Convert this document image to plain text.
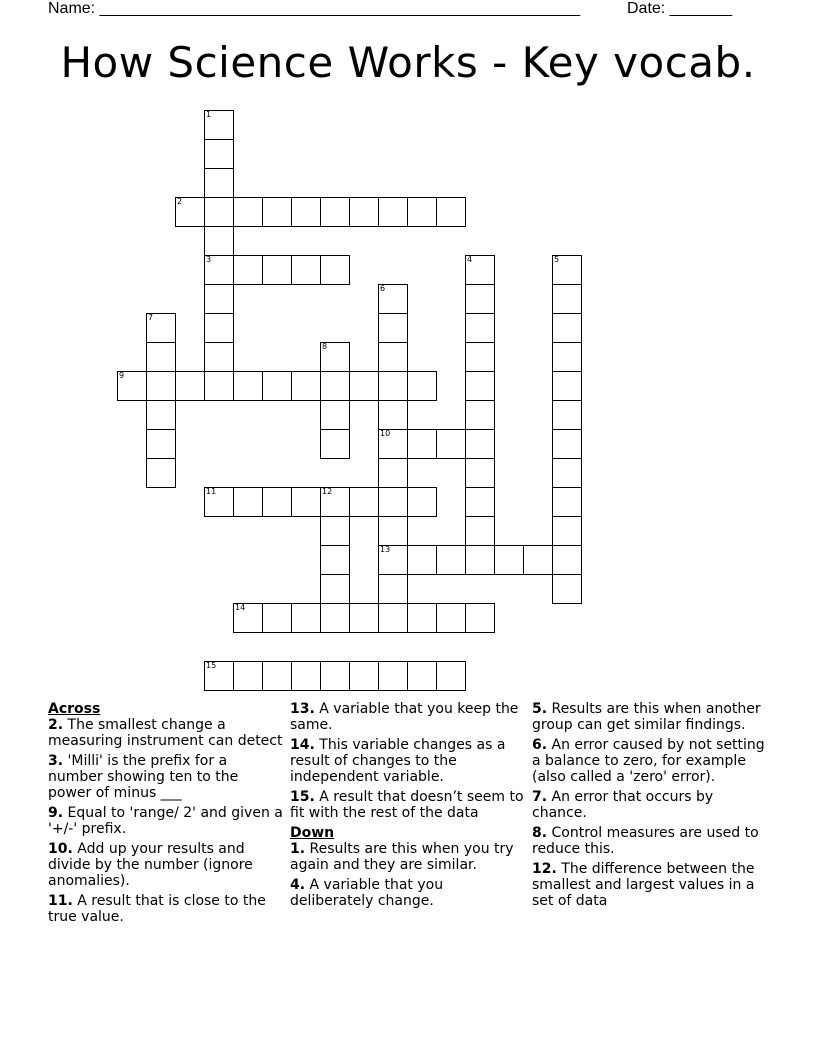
Name: ______________________________________________________	Date: _______
How Science Works - Key vocab.
1
3
2
4	5
6
10
13
7
8
9
11	12
14
15
Across
2. The smallest change a measuring instrument can detect
3. 'Milli' is the prefix for a number showing ten to the power of minus ___
9. Equal to 'range/ 2' and given a '+/-' prefix.
10. Add up your results and divide by the number (ignore anomalies).
11. A result that is close to the true value.
13. A variable that you keep the same.
14. This variable changes as a result of changes to the independent variable.
15. A result that doesn’t seem to fit with the rest of the data
Down
1. Results are this when you try again and they are similar.
4. A variable that you deliberately change.
5. Results are this when another group can get similar findings.
6. An error caused by not setting a balance to zero, for example (also called a 'zero' error).
7. An error that occurs by chance.
8. Control measures are used to reduce this.
12. The difference between the smallest and largest values in a set of data
